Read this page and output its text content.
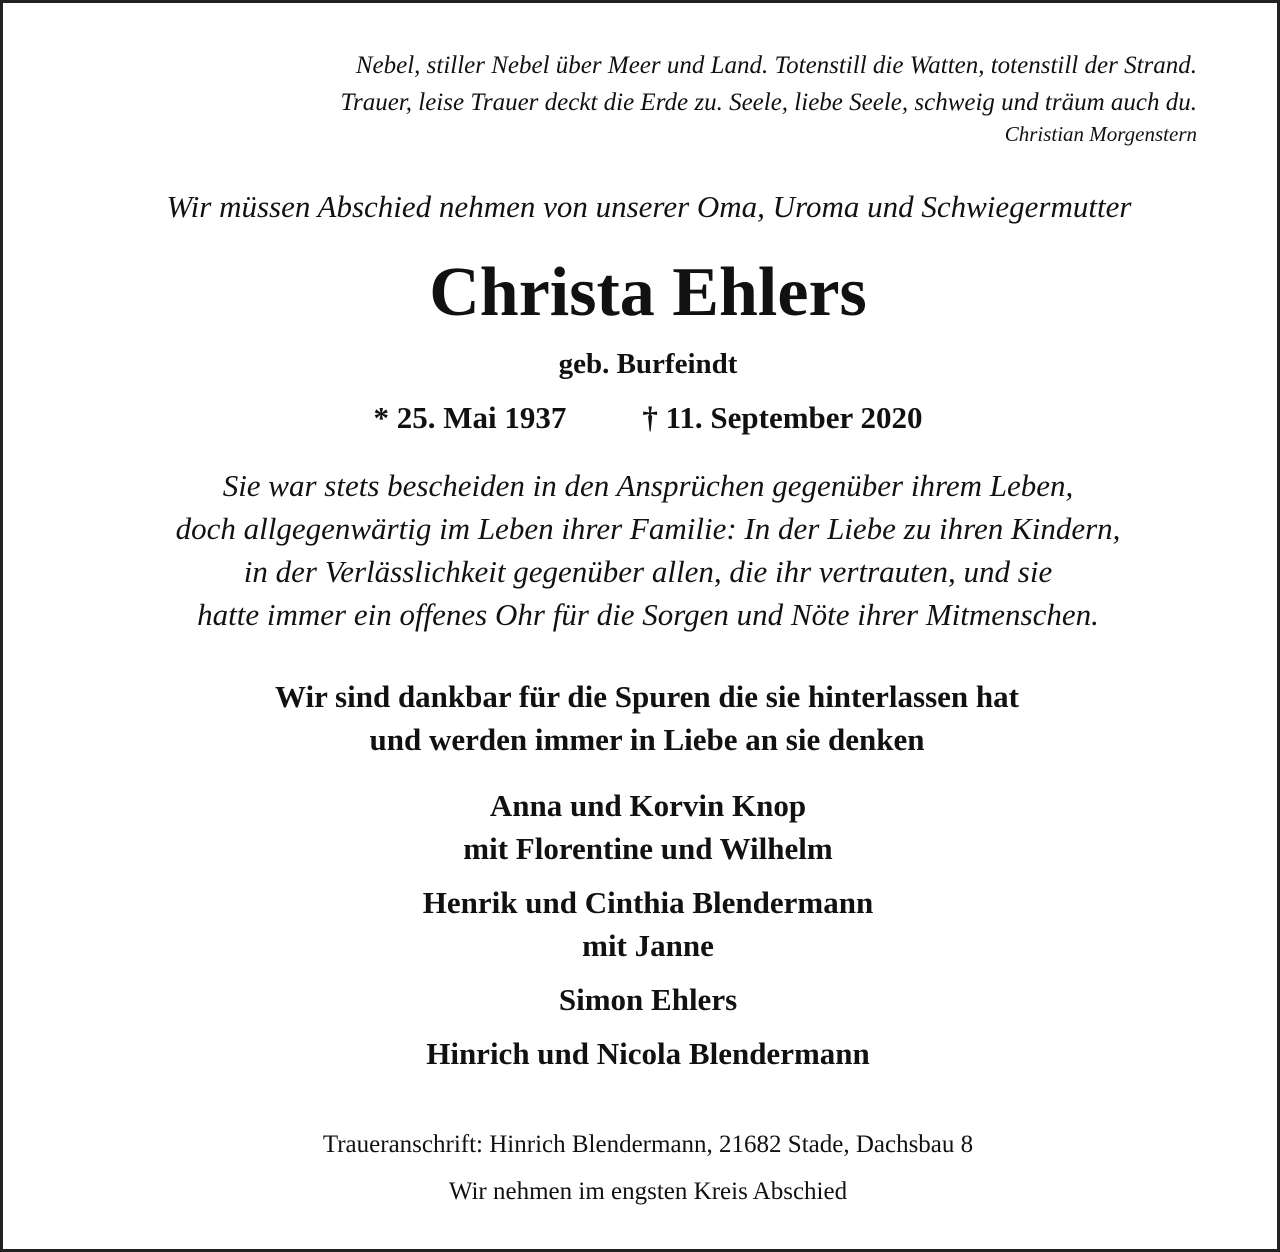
Nebel, stiller Nebel über Meer und Land. Totenstill die Watten, totenstill der Strand.
Trauer, leise Trauer deckt die Erde zu. Seele, liebe Seele, schweig und träum auch du.
Christian Morgenstern
Wir müssen Abschied nehmen von unserer Oma, Uroma und Schwiegermutter
Christa Ehlers
geb. Burfeindt
* 25. Mai 1937 † 11. September 2020
Sie war stets bescheiden in den Ansprüchen gegenüber ihrem Leben,
doch allgegenwärtig im Leben ihrer Familie: In der Liebe zu ihren Kindern,
in der Verlässlichkeit gegenüber allen, die ihr vertrauten, und sie
hatte immer ein offenes Ohr für die Sorgen und Nöte ihrer Mitmenschen.
Wir sind dankbar für die Spuren die sie hinterlassen hat
und werden immer in Liebe an sie denken
Anna und Korvin Knop
mit Florentine und Wilhelm
Henrik und Cinthia Blendermann
mit Janne
Simon Ehlers
Hinrich und Nicola Blendermann
Traueranschrift: Hinrich Blendermann, 21682 Stade, Dachsbau 8
Wir nehmen im engsten Kreis Abschied
